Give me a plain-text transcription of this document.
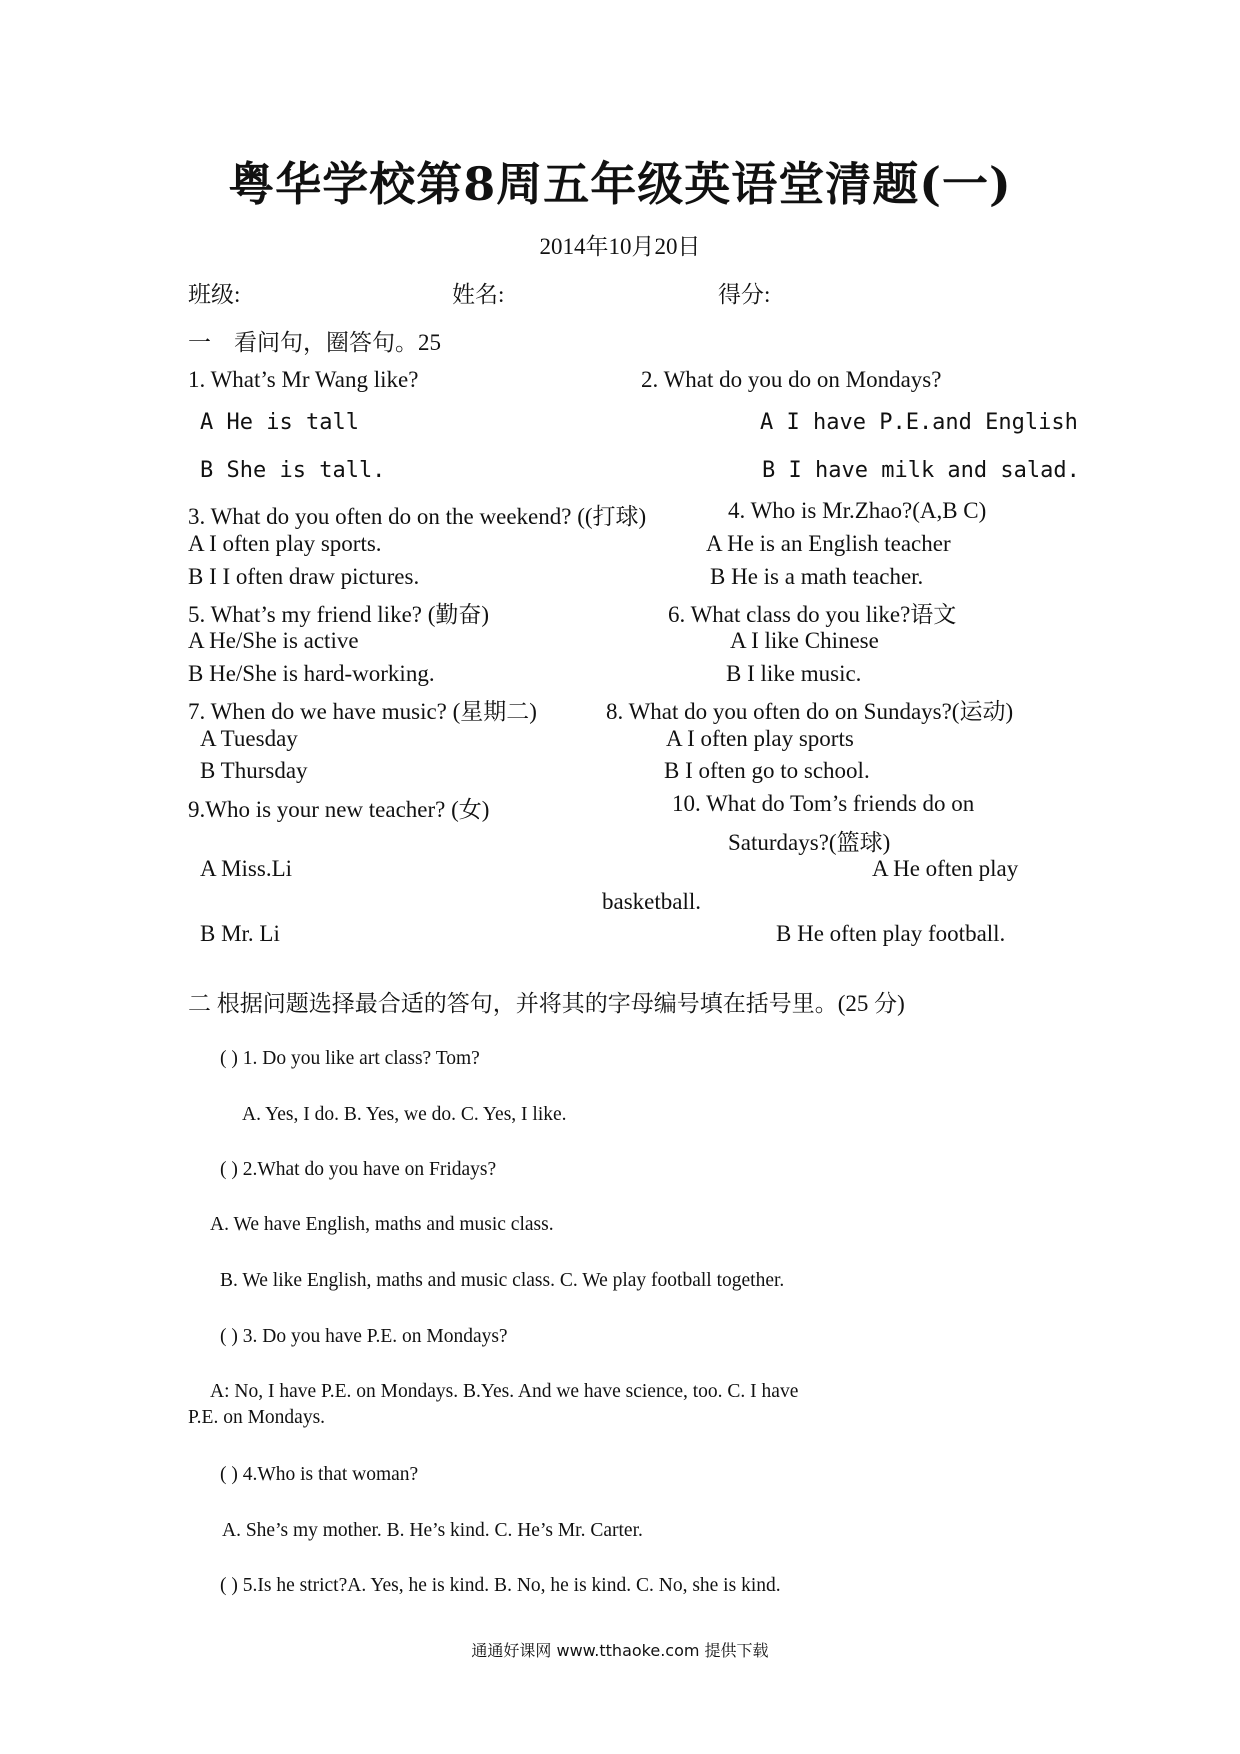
粤华学校第8周五年级英语堂清题(一)
2014年10月20日
班级:	姓名:	得分:
一　看问句，圈答句。25
1. What’s Mr Wang like?	2. What do you do on Mondays?
A He is tall	A I have P.E.and English
B She is tall.	B I have milk and salad.
3. What do you often do on the weekend? ((打球)	4. Who is Mr.Zhao?(A,B C)
A I often play sports.	A He is an English teacher
B I I often draw pictures.	B He is a math teacher.
5. What’s my friend like? (勤奋)	6. What class do you like?语文
A He/She is active	A I like Chinese
B He/She is hard-working.	B I like music.
7. When do we have music? (星期二)	8. What do you often do on Sundays?(运动)
A Tuesday	A I often play sports
B Thursday	B I often go to school.
9.Who is your new teacher? (女)	10. What do Tom’s friends do on
Saturdays?(篮球)
A Miss.Li	A He often play
basketball.
B Mr. Li	B He often play football.
二 根据问题选择最合适的答句，并将其的字母编号填在括号里。(25 分)
( ) 1. Do you like art class? Tom?
A. Yes, I do. B. Yes, we do. C. Yes, I like.
( ) 2.What do you have on Fridays?
A. We have English, maths and music class.
B. We like English, maths and music class. C. We play football together.
( ) 3. Do you have P.E. on Mondays?
A: No, I have P.E. on Mondays. B.Yes. And we have science, too. C. I have
P.E. on Mondays.
( ) 4.Who is that woman?
A. She’s my mother. B. He’s kind. C. He’s Mr. Carter.
( ) 5.Is he strict?A. Yes, he is kind. B. No, he is kind. C. No, she is kind.
通通好课网 www.tthaoke.com 提供下载
